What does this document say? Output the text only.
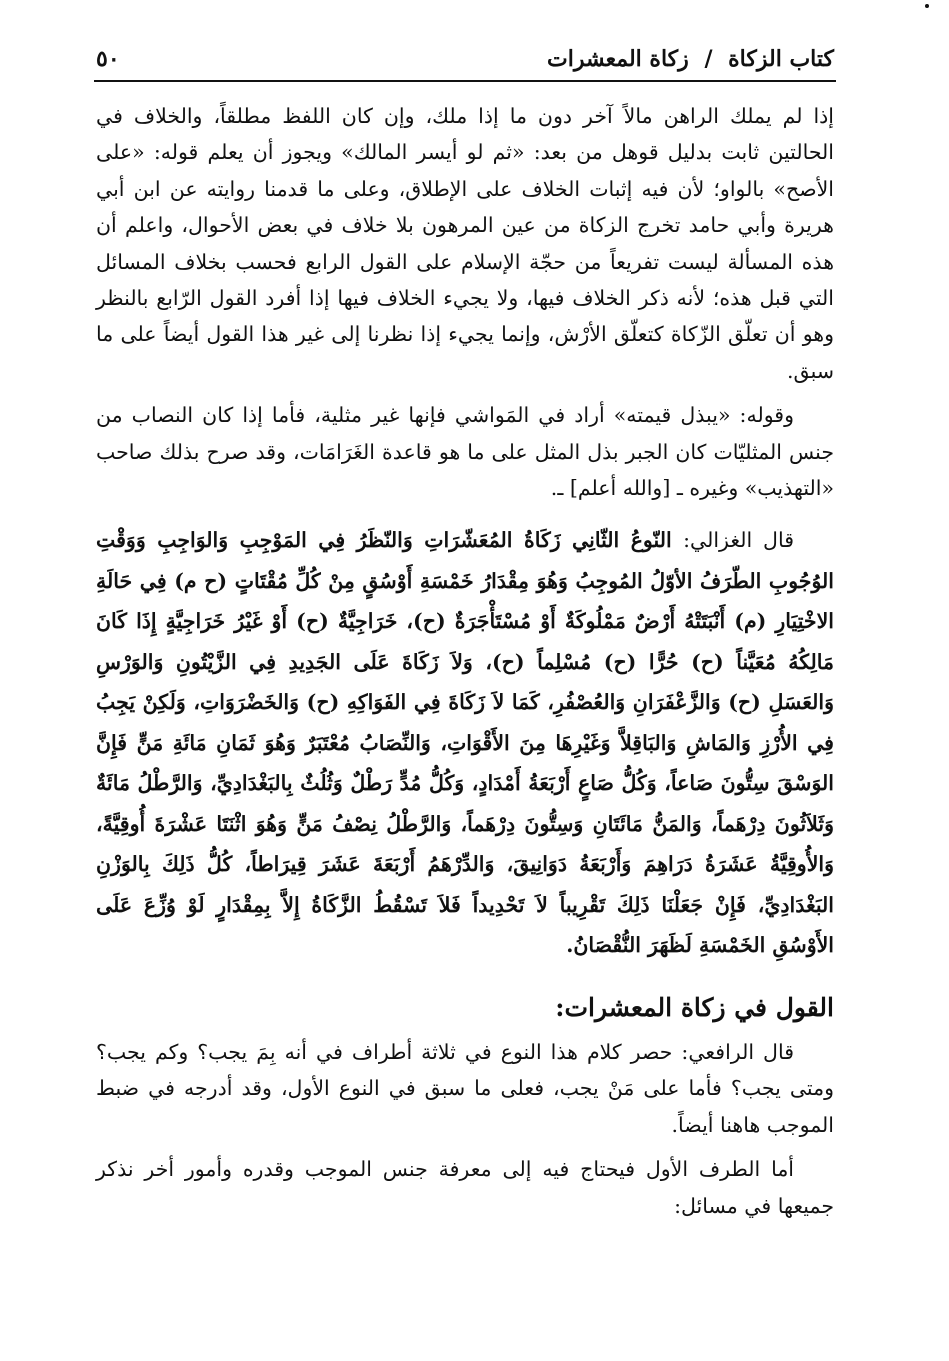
كتاب الزكاة / زكاة المعشرات
٥٠

إذا لم يملك الراهن مالاً آخر دون ما إذا ملك، وإن كان اللفظ مطلقاً، والخلاف في الحالتين ثابت بدليل قوهل من بعد: «ثم لو أيسر المالك» ويجوز أن يعلم قوله: «على الأصح» بالواو؛ لأن فيه إثبات الخلاف على الإطلاق، وعلى ما قدمنا روايته عن ابن أبي هريرة وأبي حامد تخرج الزكاة من عين المرهون بلا خلاف في بعض الأحوال، واعلم أن هذه المسألة ليست تفريعاً من حجّة الإسلام على القول الرابع فحسب بخلاف المسائل التي قبل هذه؛ لأنه ذكر الخلاف فيها، ولا يجيء الخلاف فيها إذا أفرد القول الرّابع بالنظر وهو أن تعلّق الزّكاة كتعلّق الأرْش، وإنما يجيء إذا نظرنا إلى غير هذا القول أيضاً على ما سبق.

وقوله: «يبذل قيمته» أراد في المَواشي فإنها غير مثلية، فأما إذا كان النصاب من جنس المثليّات كان الجبر بذل المثل على ما هو قاعدة الغَرَامَات، وقد صرح بذلك صاحب «التهذيب» وغيره ـ [والله أعلم] ـ.

قال الغزالي: النّوعُ الثّانِي زَكَاةُ المُعَشّرَاتِ وَالنّظَرُ فِي المَوْجِبِ وَالوَاجِبِ وَوَقْتِ الوُجُوبِ الطّرَفُ الأوّلُ المُوجِبُ وَهُوَ مِقْدَارُ خَمْسَةِ أَوْسُقٍ مِنْ كُلِّ مُقْتَاتٍ (ح م) فِي حَالَةِ الاخْتِيَارِ (م) أَنْبَتَتْهُ أَرْضٌ مَمْلُوكَةٌ أَوْ مُسْتَأْجَرَةٌ (ح)، خَرَاجِيَّةٌ (ح) أَوْ غَيْرُ خَرَاجِيَّةٍ إِذَا كَانَ مَالِكُهُ مُعَيَّناً (ح) حُرًّا (ح) مُسْلِماً (ح)، وَلاَ زَكَاةَ عَلَى الجَدِيدِ فِي الزَّيْتُونِ وَالوَرْسِ وَالعَسَلِ (ح) وَالزَّعْفَرَانِ وَالعُصْفُرِ، كَمَا لاَ زَكَاةَ فِي الفَوَاكِهِ (ح) وَالخَضْرَوَاتِ، وَلَكِنْ يَجِبُ فِي الأُرْزِ وَالمَاشِ وَالبَاقِلاَّ وَغَيْرِهَا مِنَ الأَقْوَاتِ، وَالنِّصَابُ مُعْتَبَرٌ وَهُوَ ثَمَانِ مَائَةِ مَنٍّ فَإِنَّ الوَسْقَ سِتُّونَ صَاعاً، وَكُلُّ صَاعٍ أَرْبَعَةُ أَمْدَادٍ، وَكُلُّ مُدٍّ رَطْلٌ وَثُلُثٌ بِالبَغْدَادِيِّ، وَالرَّطْلُ مَائَةٌ وَثَلاَثُونَ دِرْهَماً، وَالمَنُّ مَائَتَانِ وَسِتُّونَ دِرْهَماً، وَالرَّطْلُ نِصْفُ مَنٍّ وَهُوَ اثْنَتَا عَشْرَةَ أُوقِيَّةً، وَالأُوقِيَّةُ عَشَرَةُ دَرَاهِمَ وَأَرْبَعَةُ دَوَانِيقَ، وَالدِّرْهَمُ أَرْبَعَةَ عَشَرَ قِيرَاطاً، كُلُّ ذَلِكَ بِالوَزْنِ البَغْدَادِيِّ، فَإِنْ جَعَلْنَا ذَلِكَ تَقْرِيباً لاَ تَحْدِيداً فَلاَ تَسْقُطُ الزَّكَاةُ إِلاَّ بِمِقْدَارٍ لَوْ وُزِّعَ عَلَى الأَوْسُقِ الخَمْسَةِ لَظَهَرَ النُّقْصَانُ.

القول في زكاة المعشرات:

قال الرافعي: حصر كلام هذا النوع في ثلاثة أطراف في أنه بِمَ يجب؟ وكم يجب؟ ومتى يجب؟ فأما على مَنْ يجب، فعلى ما سبق في النوع الأول، وقد أدرجه في ضبط الموجب هاهنا أيضاً.

أما الطرف الأول فيحتاج فيه إلى معرفة جنس الموجب وقدره وأمور أخر نذكر جميعها في مسائل:
